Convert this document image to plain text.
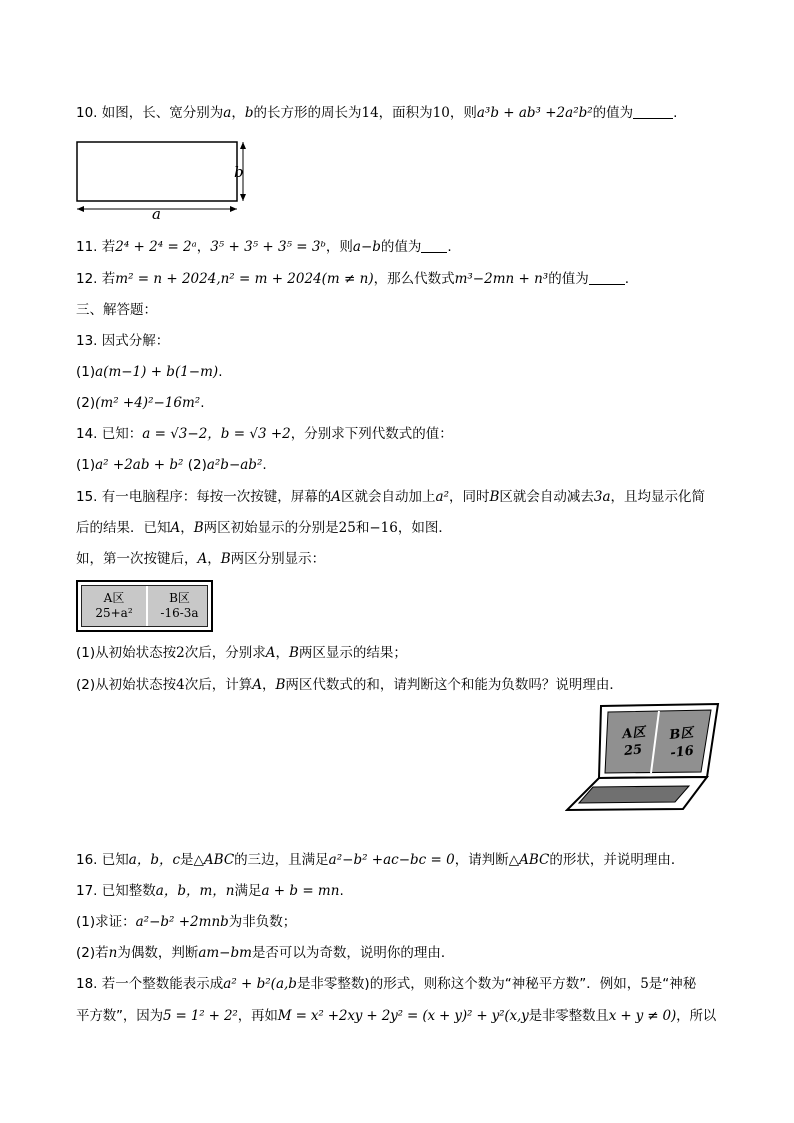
10. 如图，长、宽分别为a，b的长方形的周长为14，面积为10，则a³b + ab³ +2a²b²的值为	.
b
a
11. 若2⁴ + 2⁴ = 2ᵃ，3⁵ + 3⁵ + 3⁵ = 3ᵇ，则a−b的值为 .
12. 若m² = n + 2024,n² = m + 2024(m ≠ n)，那么代数式m³−2mn + n³的值为	.
三、解答题：
13. 因式分解：
(1)a(m−1) + b(1−m).
(2)(m² +4)²−16m².
14. 已知：a = √3−2，b = √3 +2，分别求下列代数式的值：
(1)a² +2ab + b² (2)a²b−ab².
15. 有一电脑程序：每按一次按键，屏幕的A区就会自动加上a²，同时B区就会自动减去3a，且均显示化简
后的结果．已知A，B两区初始显示的分别是25和−16，如图．
如，第一次按键后，A，B两区分别显示：
A区
25+a²
B区
-16-3a
(1)从初始状态按2次后，分别求A，B两区显示的结果；
(2)从初始状态按4次后，计算A，B两区代数式的和，请判断这个和能为负数吗？说明理由．
A区
25
B区
-16
16. 已知a，b，c是△ABC的三边，且满足a²−b² +ac−bc = 0，请判断△ABC的形状，并说明理由．
17. 已知整数a，b，m，n满足a + b = mn.
(1)求证：a²−b² +2mnb为非负数；
(2)若n为偶数，判断am−bm是否可以为奇数，说明你的理由．
18. 若一个整数能表示成a² + b²(a,b是非零整数)的形式，则称这个数为“神秘平方数”．例如，5是“神秘
平方数”，因为5 = 1² + 2²，再如M = x² +2xy + 2y² = (x + y)² + y²(x,y是非零整数且x + y ≠ 0)，所以
